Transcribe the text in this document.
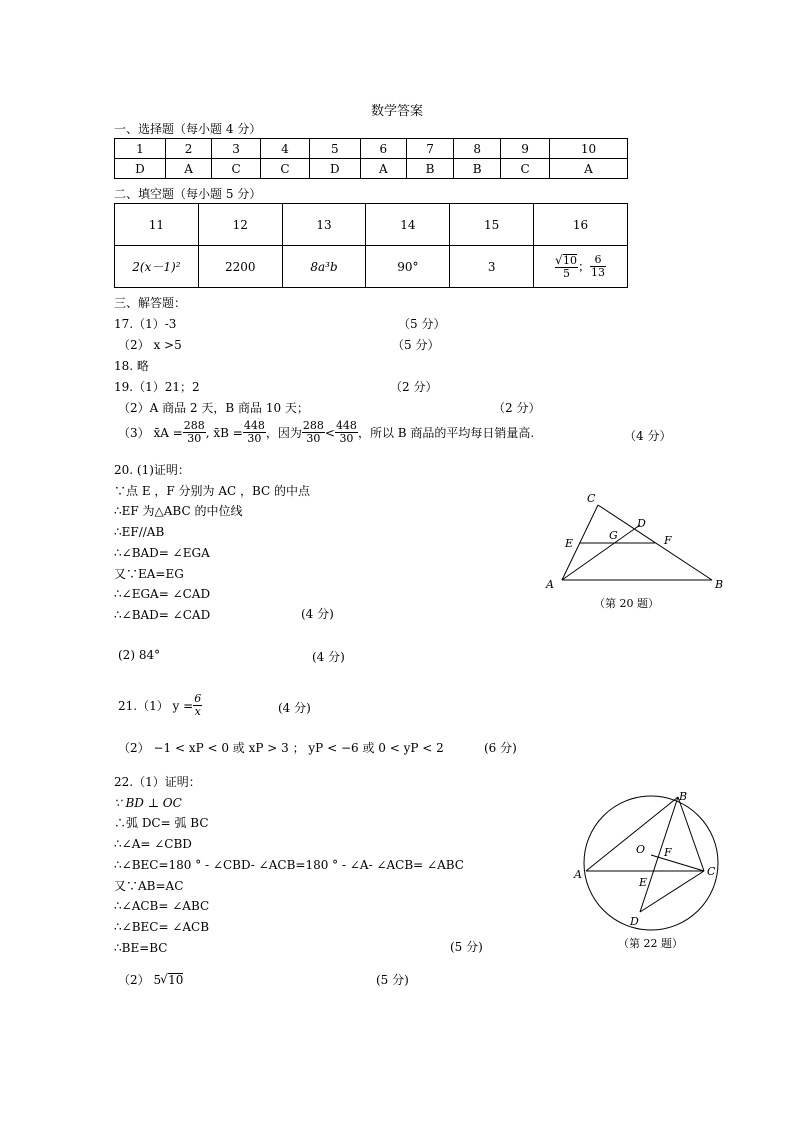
数学答案
一、选择题（每小题 4 分）
1	2	3	4	5	6	7	8	9	10
D	A	C	C	D	A	B	B	C	A
二、填空题（每小题 5 分）
11	12	13	14	15	16
2(x－1)²	2200	8a³b	90°	3	√ $\frac{10}{5}$ ； $\frac{6}{13}$
三、解答题：
17.（1）-3	（5 分）
（2） x >5	（5 分）
18. 略
19.（1）21；2	（2 分）
（2）A 商品 2 天，B 商品 10 天；	（2 分）
（3） x̄A = $\frac{288}{30}$ , x̄B = $\frac{448}{30}$ ，因为 $\frac{288}{30} < \frac{448}{30}$ ，所以 B 商品的平均每日销量高.	（4 分）
20. (1)证明：
∵点 E ，F 分别为 AC ，BC 的中点
∴EF 为△ABC 的中位线
∴EF//AB
∴∠BAD= ∠EGA
又∵EA=EG
∴∠EGA= ∠CAD
∴∠BAD= ∠CAD	(4 分)
(2) 84°	(4 分)
C
D
E
G	F
A	B
（第 20 题）
21.（1） $y = \frac{6}{x}$	(4 分)
（2） −1 < xP < 0 或 xP > 3 ； yP < −6 或 0 < yP < 2	(6 分)
22.（1）证明：
∵ BD ⊥ OC
∴弧 DC= 弧 BC
∴∠A= ∠CBD
∴∠BEC=180 ° - ∠CBD- ∠ACB=180 ° - ∠A- ∠ACB= ∠ABC
又∵AB=AC
∴∠ACB= ∠ABC
∴∠BEC= ∠ACB
∴BE=BC	(5 分)
（2） 5 √ 10	(5 分)
B
O F
A
E
C
D
（第 22 题）
